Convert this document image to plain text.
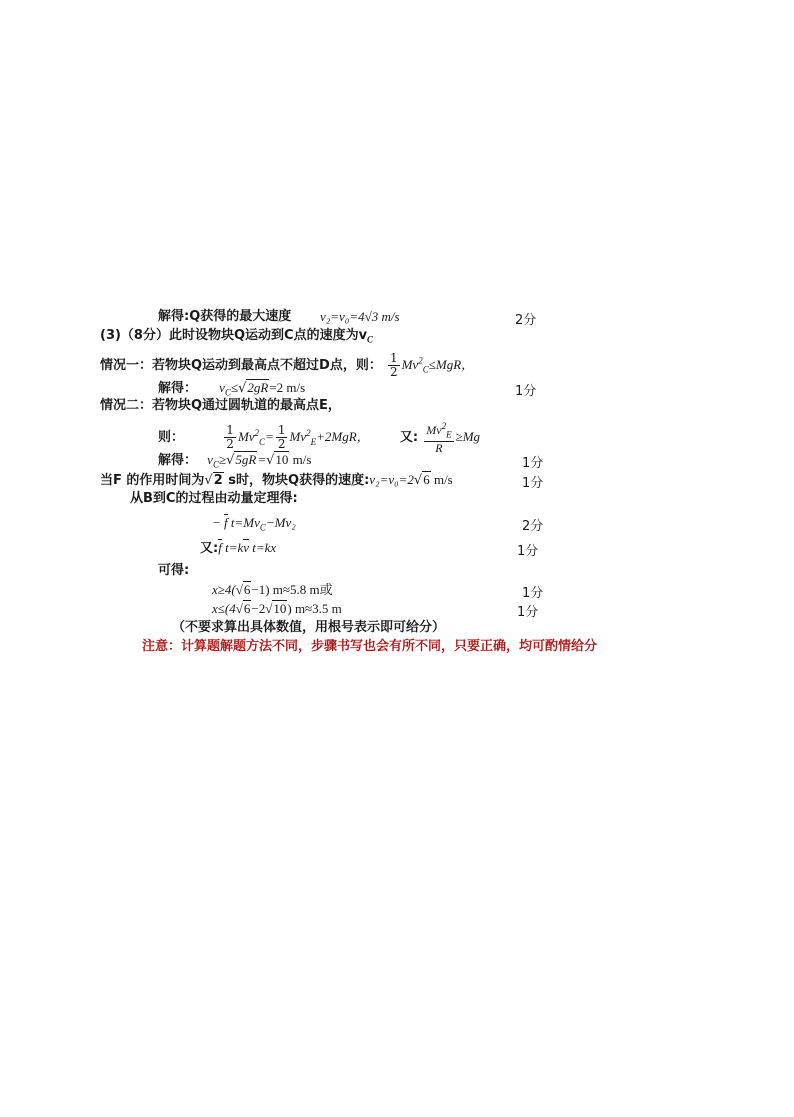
解得:Q获得的最大速度 v₂=v₀=4√3 m/s	2分
(3)（8分）此时设物块Q运动到C点的速度为$v_C$
情况一：若物块Q运动到最高点不超过D点，则： $\frac{1}{2} Mv^2_C\le MgR$，
解得： $v_C\le√2gR=2$ m/s	1分
情况二：若物块Q通过圆轨道的最高点E，
则：	$\frac{1}{2} Mv^2_C= \frac{1}{2} Mv^2_E+2MgR$， 又: $\frac{Mv^2_E}{R} \ge Mg$
解得： $v_C\ge√5gR=√10$ m/s	1分
当F 的作用时间为√2 s时，物块Q获得的速度:v₂=v₀=2√6 m/s	1分
从B到C的过程由动量定理得:
− f $t=Mv_C-Mv_2$	2分
又:f t=kv t=kx	1分
可得:
x≥4(√6−1) m≈5.8 m或	1分
x≤(4√6−2√10) m≈3.5 m	1分
（不要求算出具体数值，用根号表示即可给分）
注意：计算题解题方法不同，步骤书写也会有所不同，只要正确，均可酌情给分
